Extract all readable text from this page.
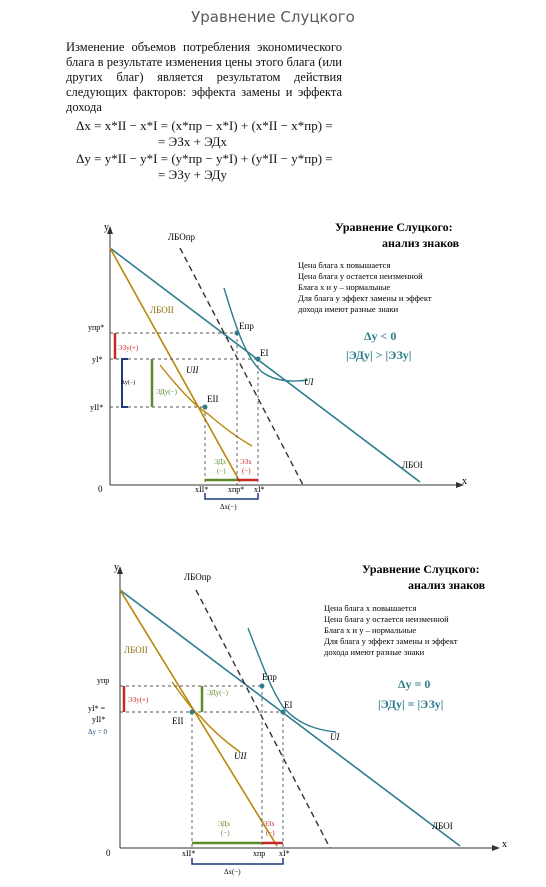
Уравнение Слуцкого
Изменение объемов потребления экономического блага в результате изменения цены этого блага (или других благ) является результатом действия следующих факторов: эффекта замены и эффекта дохода
Δx = x*II − x*I = (x*пр − x*I) + (x*II − x*пр) =
= ЭЗx + ЭДx
Δy = y*II − y*I = (y*пр − y*I) + (y*II − y*пр) =
= ЭЗy + ЭДy
y
x
0
ЛБОпр
ЛБОII
ЛБОI
UI
UII
Eпр
EI
EII
yпр*
yI*
yII*
ЭЗy(+)
ЭДy(−)
Δy(−)
ЭДx
(−)
ЭЗx
(−)
xII* xпр* xI*
Δx(−)
Уравнение Слуцкого:
анализ знаков
Цена блага x повышается
Цена блага y остается неизменной
Блага x и y – нормальные
Для блага y эффект замены и эффект
дохода имеют разные знаки
Δy < 0
|ЭДy| > |ЭЗy|
y
x
0
ЛБОпр
ЛБОII
ЛБОI
UI
UII
Eпр
EI
EII
yпр
yI* =
yII*
Δy = 0
ЭЗy(+)
ЭДy(−)
ЭДx
(−)
ЭЗx
(−)
xII*	xпр xI*
Δx(−)
Уравнение Слуцкого:
анализ знаков
Цена блага x повышается
Цена блага y остается неизменной
Блага x и y – нормальные
Для блага y эффект замены и эффект
дохода имеют разные знаки
Δy = 0
|ЭДy| = |ЭЗy|
